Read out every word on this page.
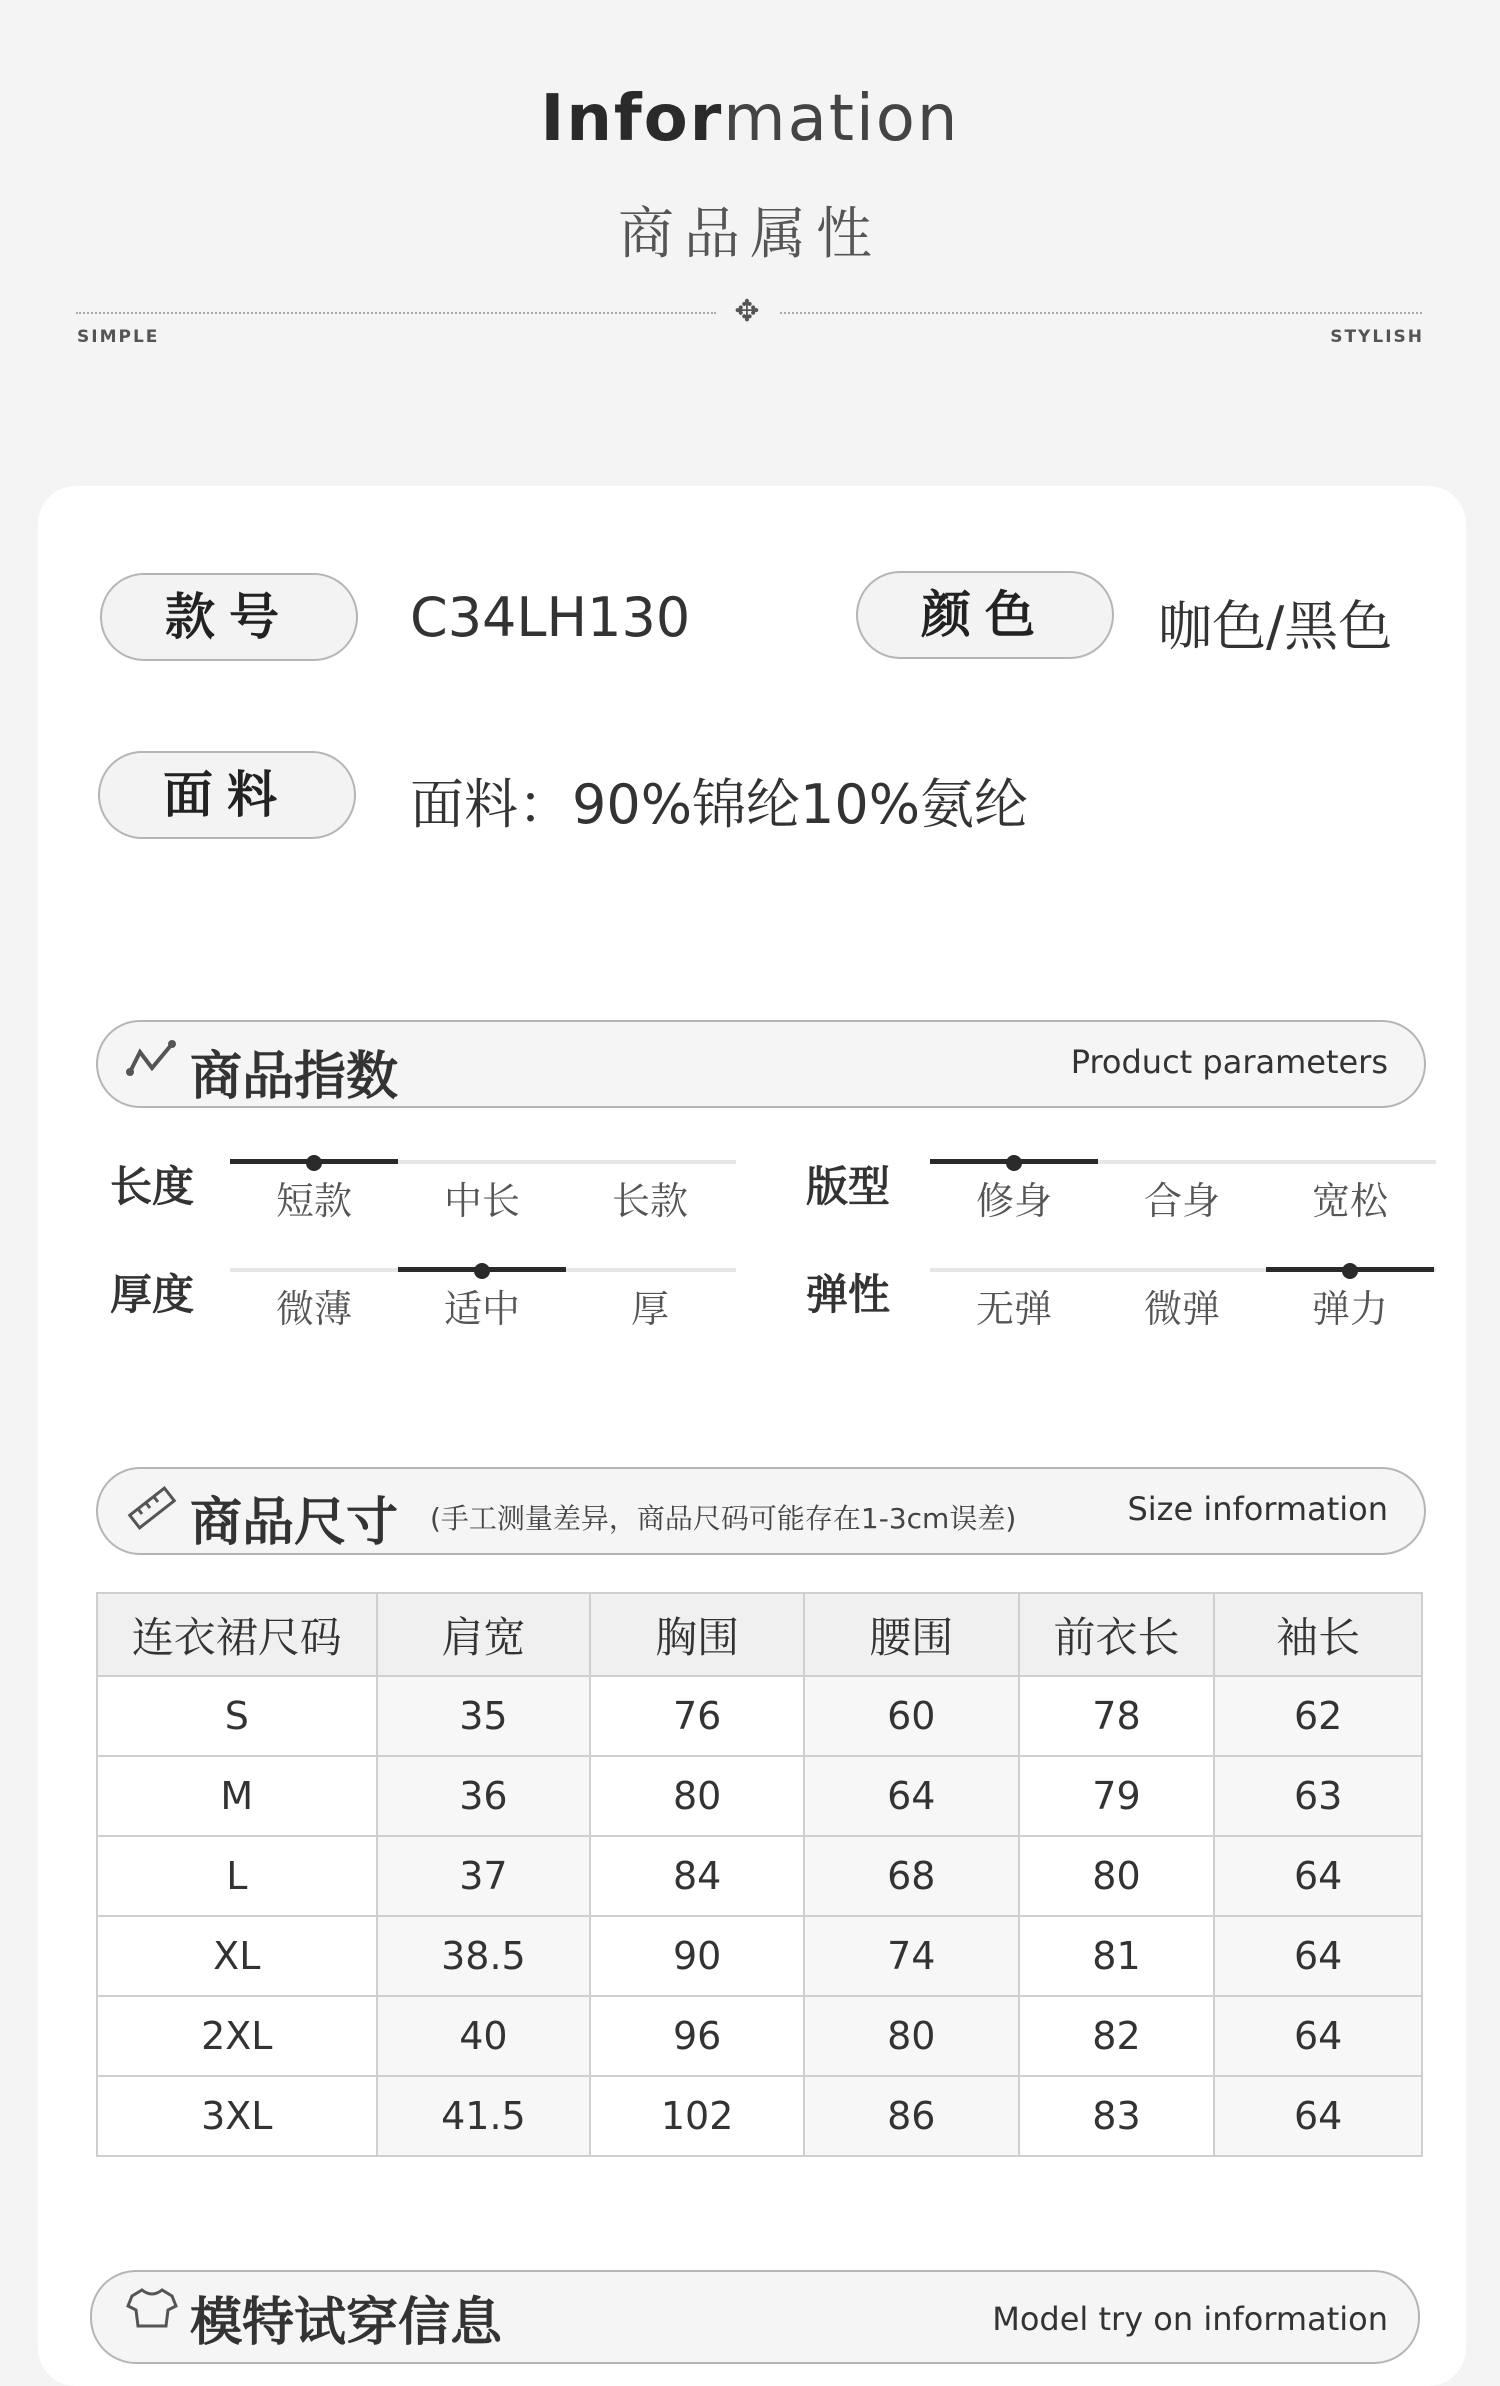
Information
商品属性
✥
SIMPLE	STYLISH
款号	C34LH130	颜色	咖色/黑色
面料	面料：90%锦纶10%氨纶
商品指数	Product parameters
长度	短款	中长	长款	版型	修身	合身	宽松
厚度	微薄	适中	厚	弹性	无弹	微弹	弹力
商品尺寸 (手工测量差异，商品尺码可能存在1-3cm误差)	Size information
连衣裙尺码	肩宽	胸围	腰围	前衣长	袖长
S	35	76	60	78	62
M	36	80	64	79	63
L	37	84	68	80	64
XL	38.5	90	74	81	64
2XL	40	96	80	82	64
3XL	41.5	102	86	83	64
模特试穿信息	Model try on information
